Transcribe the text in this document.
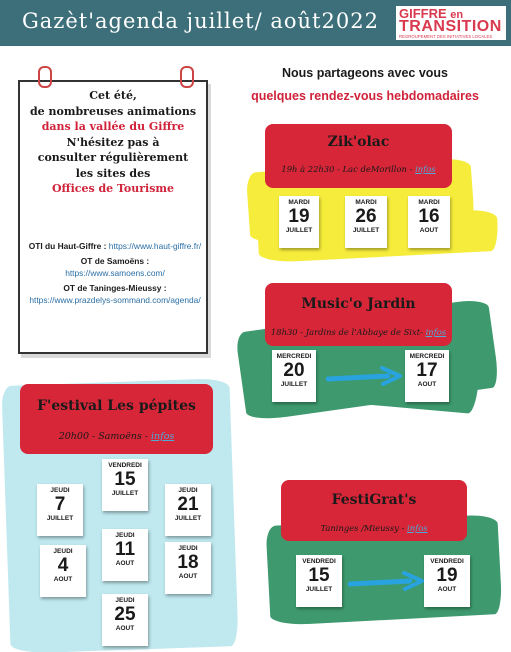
Gazèt'agenda juillet/ août2022 GIFFRE en
TRANSITION
REGROUPEMENT DES INITIATIVES LOCALES
Cet été,
de nombreuses animations
dans la vallée du Giffre
N'hésitez pas à
consulter régulièrement
les sites des
Offices de Tourisme
OTI du Haut-Giffre : https://www.haut-giffre.fr/
OT de Samoëns :
https://www.samoens.com/
OT de Taninges-Mieussy :
https://www.prazdelys-sommand.com/agenda/
Nous partageons avec vous
quelques rendez-vous hebdomadaires
Zik'olac
19h à 22h30 - Lac deMorillon - infos
MARDI
19
JUILLET
MARDI
26
JUILLET
MARDI
16
AOUT
Music'o Jardin
18h30 - Jardins de l'Abbaye de Sixt- infos
MERCREDI
20
JUILLET
MERCREDI
17
AOUT
F'estival Les pépites
20h00 - Samoëns - infos
JEUDI
7
JUILLET
VENDREDI
15
JUILLET	JEUDI
21
JUILLET
JEUDI
4
AOUT
JEUDI
11
AOUT
JEUDI
18
AOUT
JEUDI
25
AOUT
FestiGrat's
Taninges /Mieussy - infos
VENDREDI
15
JUILLET
VENDREDI
19
AOUT
